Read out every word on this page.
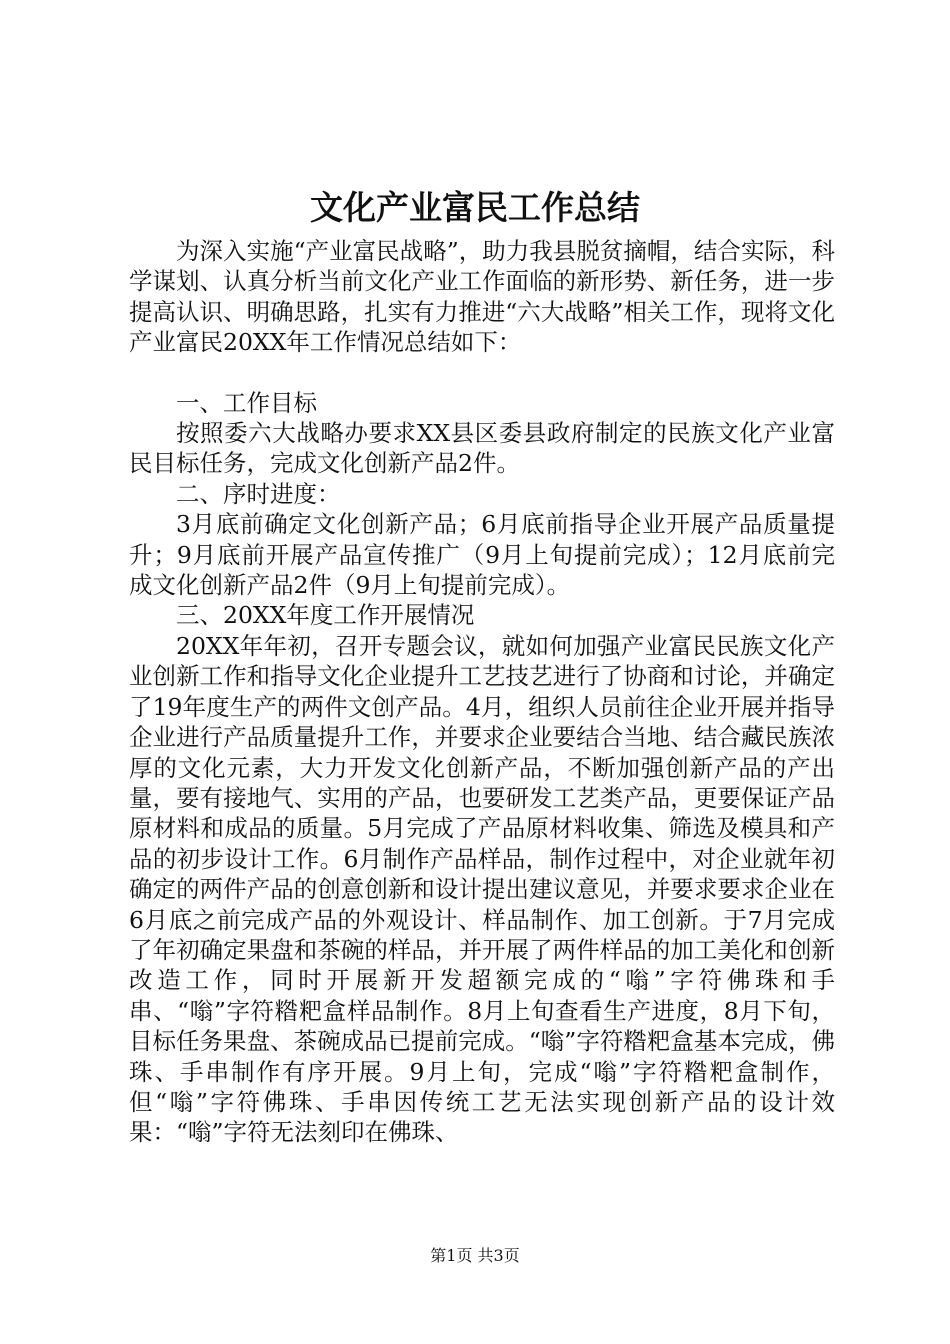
文化产业富民工作总结

为深入实施“产业富民战略”，助力我县脱贫摘帽，结合实际，科学谋划、认真分析当前文化产业工作面临的新形势、新任务，进一步提高认识、明确思路，扎实有力推进“六大战略”相关工作，现将文化产业富民20XX年工作情况总结如下：

一、工作目标

按照委六大战略办要求XX县区委县政府制定的民族文化产业富民目标任务，完成文化创新产品2件。

二、序时进度：

3月底前确定文化创新产品；6月底前指导企业开展产品质量提升；9月底前开展产品宣传推广（9月上旬提前完成）；12月底前完成文化创新产品2件（9月上旬提前完成）。

三、20XX年度工作开展情况

20XX年年初，召开专题会议，就如何加强产业富民民族文化产业创新工作和指导文化企业提升工艺技艺进行了协商和讨论，并确定了19年度生产的两件文创产品。4月，组织人员前往企业开展并指导企业进行产品质量提升工作，并要求企业要结合当地、结合藏民族浓厚的文化元素，大力开发文化创新产品，不断加强创新产品的产出量，要有接地气、实用的产品，也要研发工艺类产品，更要保证产品原材料和成品的质量。5月完成了产品原材料收集、筛选及模具和产品的初步设计工作。6月制作产品样品，制作过程中，对企业就年初确定的两件产品的创意创新和设计提出建议意见，并要求要求企业在6月底之前完成产品的外观设计、样品制作、加工创新。于7月完成了年初确定果盘和茶碗的样品，并开展了两件样品的加工美化和创新改造工作，同时开展新开发超额完成的“嗡”字符佛珠和手串、“嗡”字符糌粑盒样品制作。8月上旬查看生产进度，8月下旬，目标任务果盘、茶碗成品已提前完成。“嗡”字符糌粑盒基本完成，佛珠、手串制作有序开展。9月上旬，完成“嗡”字符糌粑盒制作，但“嗡”字符佛珠、手串因传统工艺无法实现创新产品的设计效果：“嗡”字符无法刻印在佛珠、

第1页 共3页
